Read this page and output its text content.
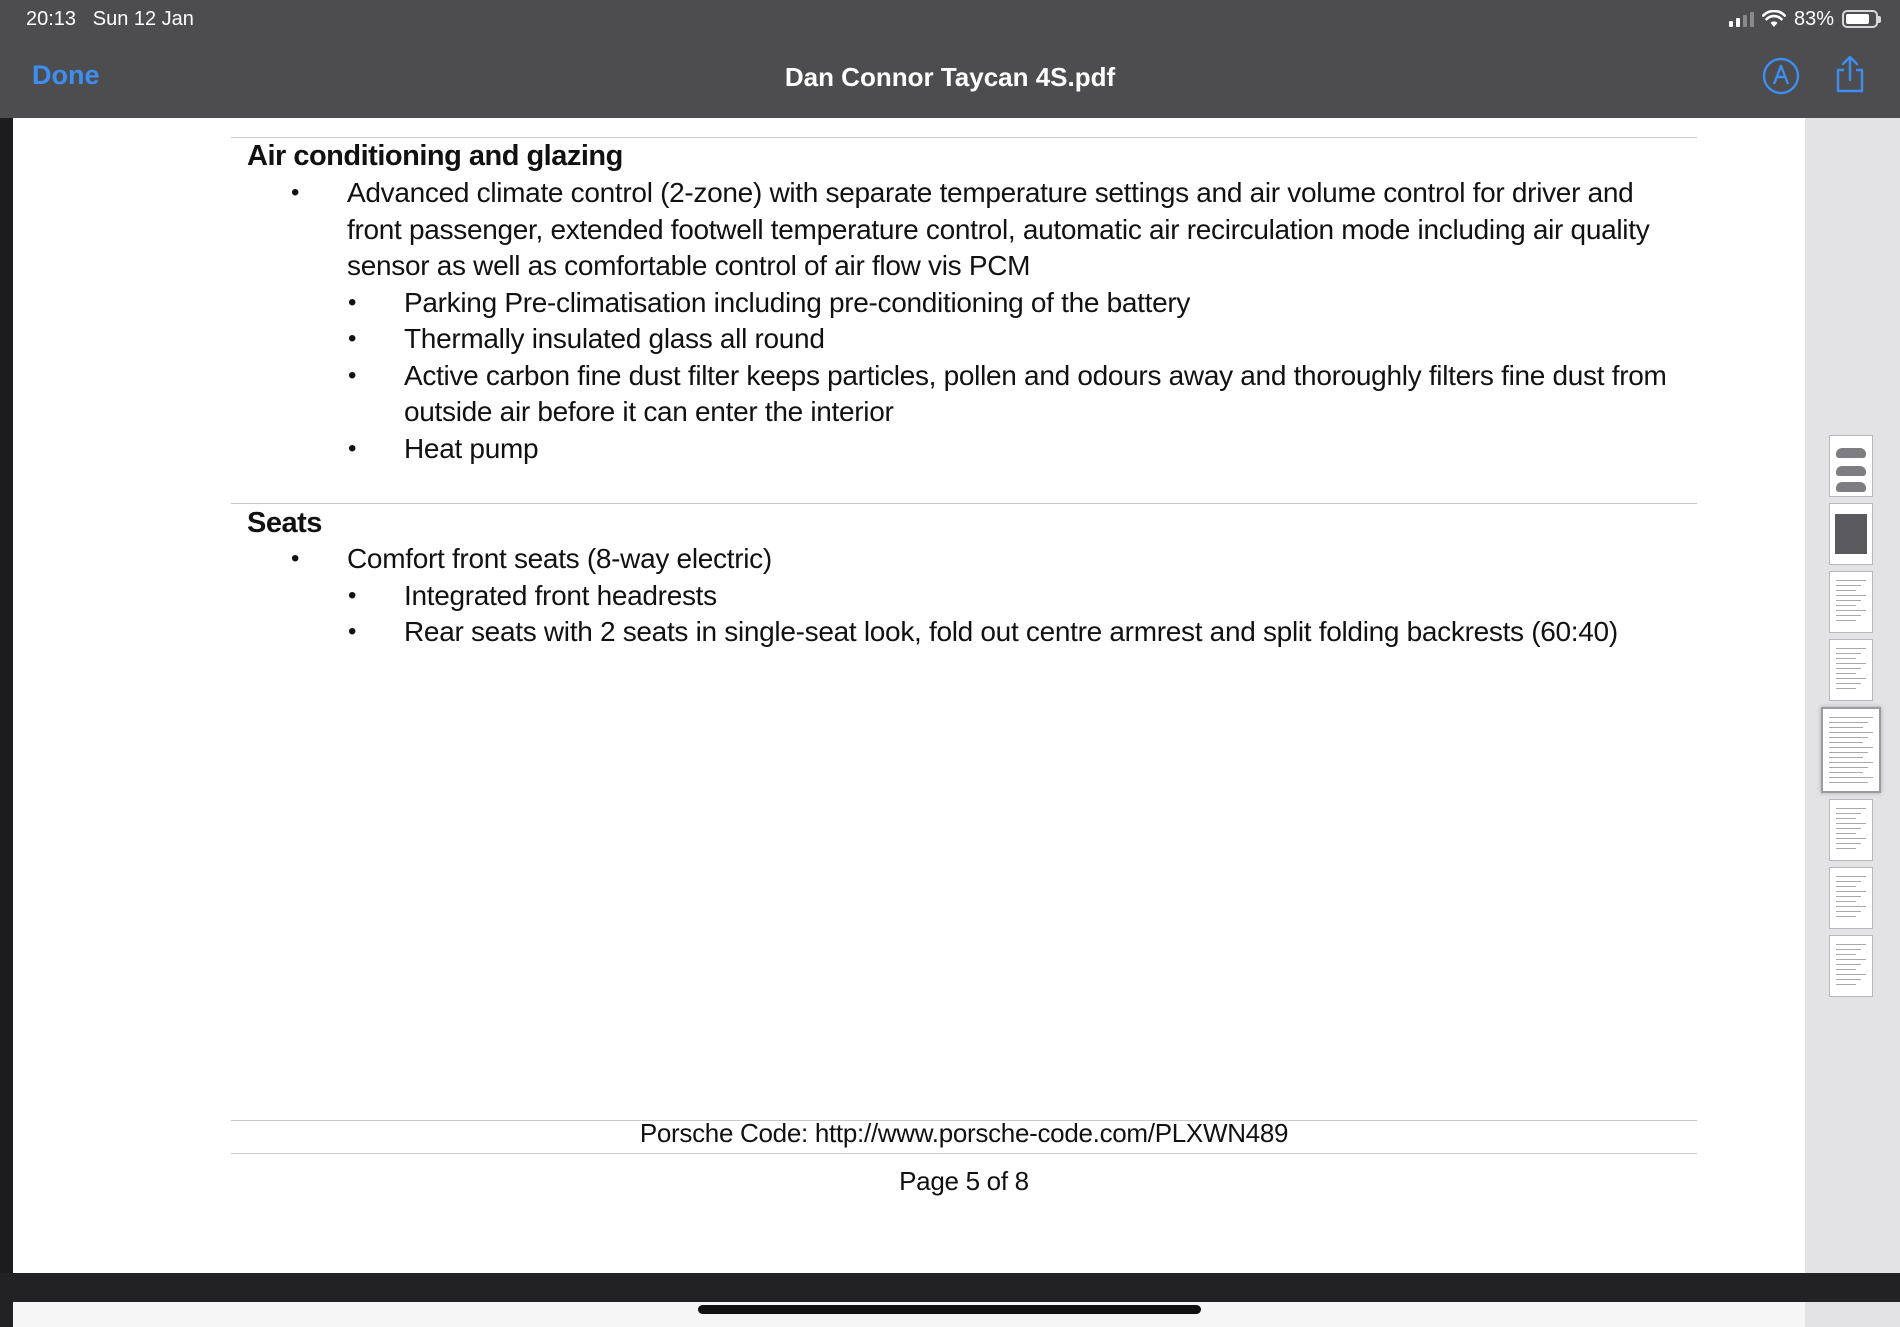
20:13 Sun 12 Jan	83%
Done	Dan Connor Taycan 4S.pdf
Air conditioning and glazing
• Advanced climate control (2-zone) with separate temperature settings and air volume control for driver and
front passenger, extended footwell temperature control, automatic air recirculation mode including air quality
sensor as well as comfortable control of air flow vis PCM
• Parking Pre-climatisation including pre-conditioning of the battery
• Thermally insulated glass all round
• Active carbon fine dust filter keeps particles, pollen and odours away and thoroughly filters fine dust from
outside air before it can enter the interior
• Heat pump
Seats
• Comfort front seats (8-way electric)
• Integrated front headrests
• Rear seats with 2 seats in single-seat look, fold out centre armrest and split folding backrests (60:40)
Porsche Code: http://www.porsche-code.com/PLXWN489
Page 5 of 8
